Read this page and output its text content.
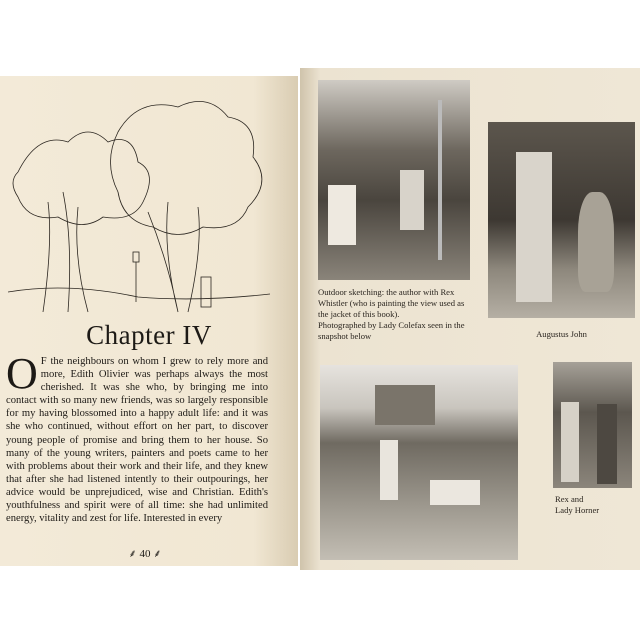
Chapter IV
O F the neighbours on whom I grew to rely more and more, Edith Olivier was perhaps always the most cherished. It was she who, by bringing me into contact with so many new friends, was so largely responsible for my having blossomed into a happy adult life: and it was she who continued, without effort on her part, to discover young people of promise and bring them to her house. So many of the young writers, painters and poets came to her with problems about their work and their life, and they knew that after she had listened intently to their outpourings, her advice would be unprejudiced, wise and Christian. Edith's youthfulness and spirit were of all time: she had unlimited energy, vitality and zest for life. Interested in every
⸙ 40 ⸙
Outdoor sketching: the author with Rex Whistler (who is painting the view used as the jacket of this book).
Photographed by Lady Colefax seen in the snapshot below	Augustus John
Rex and
Lady Horner
